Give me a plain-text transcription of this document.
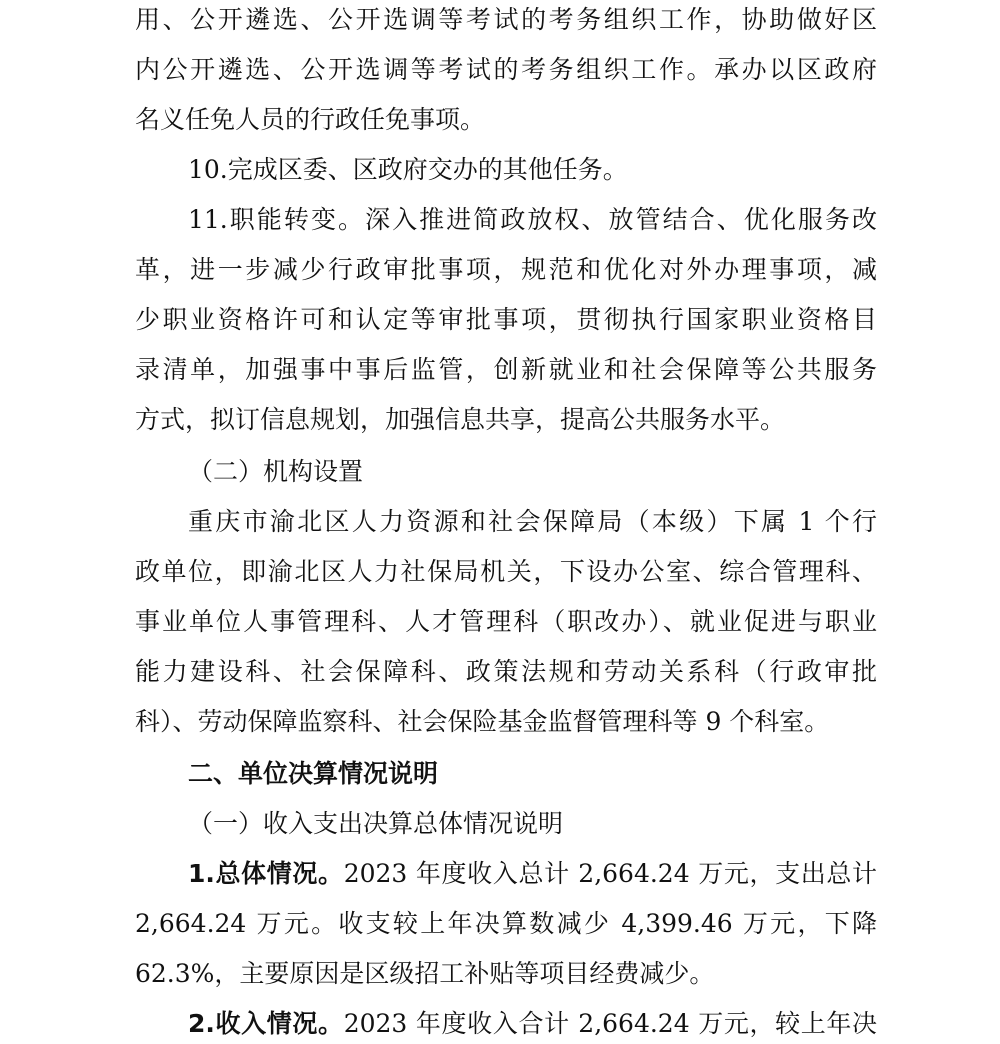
用、公开遴选、公开选调等考试的考务组织工作，协助做好区
内公开遴选、公开选调等考试的考务组织工作。承办以区政府
名义任免人员的行政任免事项。
10.完成区委、区政府交办的其他任务。
11.职能转变。深入推进简政放权、放管结合、优化服务改
革，进一步减少行政审批事项，规范和优化对外办理事项，减
少职业资格许可和认定等审批事项，贯彻执行国家职业资格目
录清单，加强事中事后监管，创新就业和社会保障等公共服务
方式，拟订信息规划，加强信息共享，提高公共服务水平。
（二）机构设置
重庆市渝北区人力资源和社会保障局（本级）下属 1 个行
政单位，即渝北区人力社保局机关，下设办公室、综合管理科、
事业单位人事管理科、人才管理科（职改办）、就业促进与职业
能力建设科、社会保障科、政策法规和劳动关系科（行政审批
科）、劳动保障监察科、社会保险基金监督管理科等 9 个科室。
二、单位决算情况说明
（一）收入支出决算总体情况说明
1.总体情况。2023 年度收入总计 2,664.24 万元，支出总计
2,664.24 万元。收支较上年决算数减少 4,399.46 万元，下降
62.3%，主要原因是区级招工补贴等项目经费减少。
2.收入情况。2023 年度收入合计 2,664.24 万元，较上年决
